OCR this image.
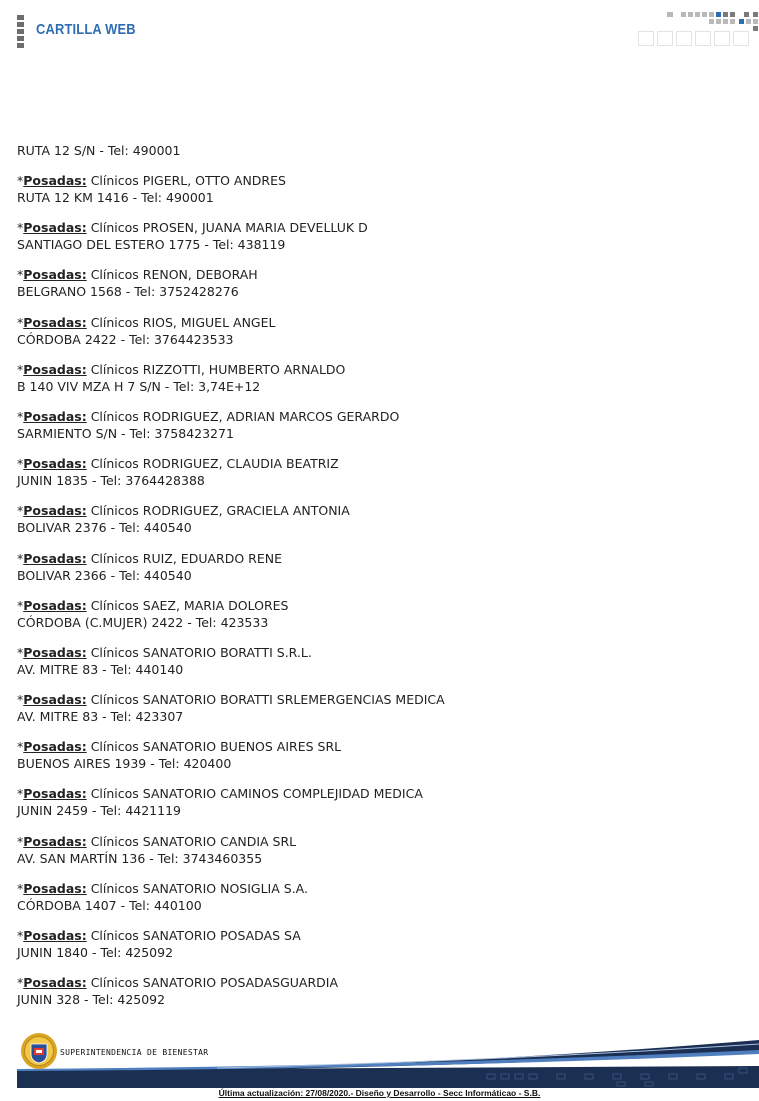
CARTILLA WEB
RUTA 12 S/N - Tel: 490001
*Posadas: Clínicos PIGERL, OTTO ANDRES
RUTA 12 KM 1416 - Tel: 490001
*Posadas: Clínicos PROSEN, JUANA MARIA DEVELLUK D
SANTIAGO DEL ESTERO 1775 - Tel: 438119
*Posadas: Clínicos RENON, DEBORAH
BELGRANO 1568 - Tel: 3752428276
*Posadas: Clínicos RIOS, MIGUEL ANGEL
CÓRDOBA 2422 - Tel: 3764423533
*Posadas: Clínicos RIZZOTTI, HUMBERTO ARNALDO
B 140 VIV MZA H 7 S/N - Tel: 3,74E+12
*Posadas: Clínicos RODRIGUEZ, ADRIAN MARCOS GERARDO
SARMIENTO S/N - Tel: 3758423271
*Posadas: Clínicos RODRIGUEZ, CLAUDIA BEATRIZ
JUNIN 1835 - Tel: 3764428388
*Posadas: Clínicos RODRIGUEZ, GRACIELA ANTONIA
BOLIVAR 2376 - Tel: 440540
*Posadas: Clínicos RUIZ, EDUARDO RENE
BOLIVAR 2366 - Tel: 440540
*Posadas: Clínicos SAEZ, MARIA DOLORES
CÓRDOBA (C.MUJER) 2422 - Tel: 423533
*Posadas: Clínicos SANATORIO BORATTI S.R.L.
AV. MITRE 83 - Tel: 440140
*Posadas: Clínicos SANATORIO BORATTI SRLEMERGENCIAS MEDICA
AV. MITRE 83 - Tel: 423307
*Posadas: Clínicos SANATORIO BUENOS AIRES SRL
BUENOS AIRES 1939 - Tel: 420400
*Posadas: Clínicos SANATORIO CAMINOS COMPLEJIDAD MEDICA
JUNIN 2459 - Tel: 4421119
*Posadas: Clínicos SANATORIO CANDIA SRL
AV. SAN MARTÍN 136 - Tel: 3743460355
*Posadas: Clínicos SANATORIO NOSIGLIA S.A.
CÓRDOBA 1407 - Tel: 440100
*Posadas: Clínicos SANATORIO POSADAS SA
JUNIN 1840 - Tel: 425092
*Posadas: Clínicos SANATORIO POSADASGUARDIA
JUNIN 328 - Tel: 425092
SUPERINTENDENCIA DE BIENESTAR
Última actualización: 27/08/2020.- Diseño y Desarrollo - Secc Informáticao - S.B.
